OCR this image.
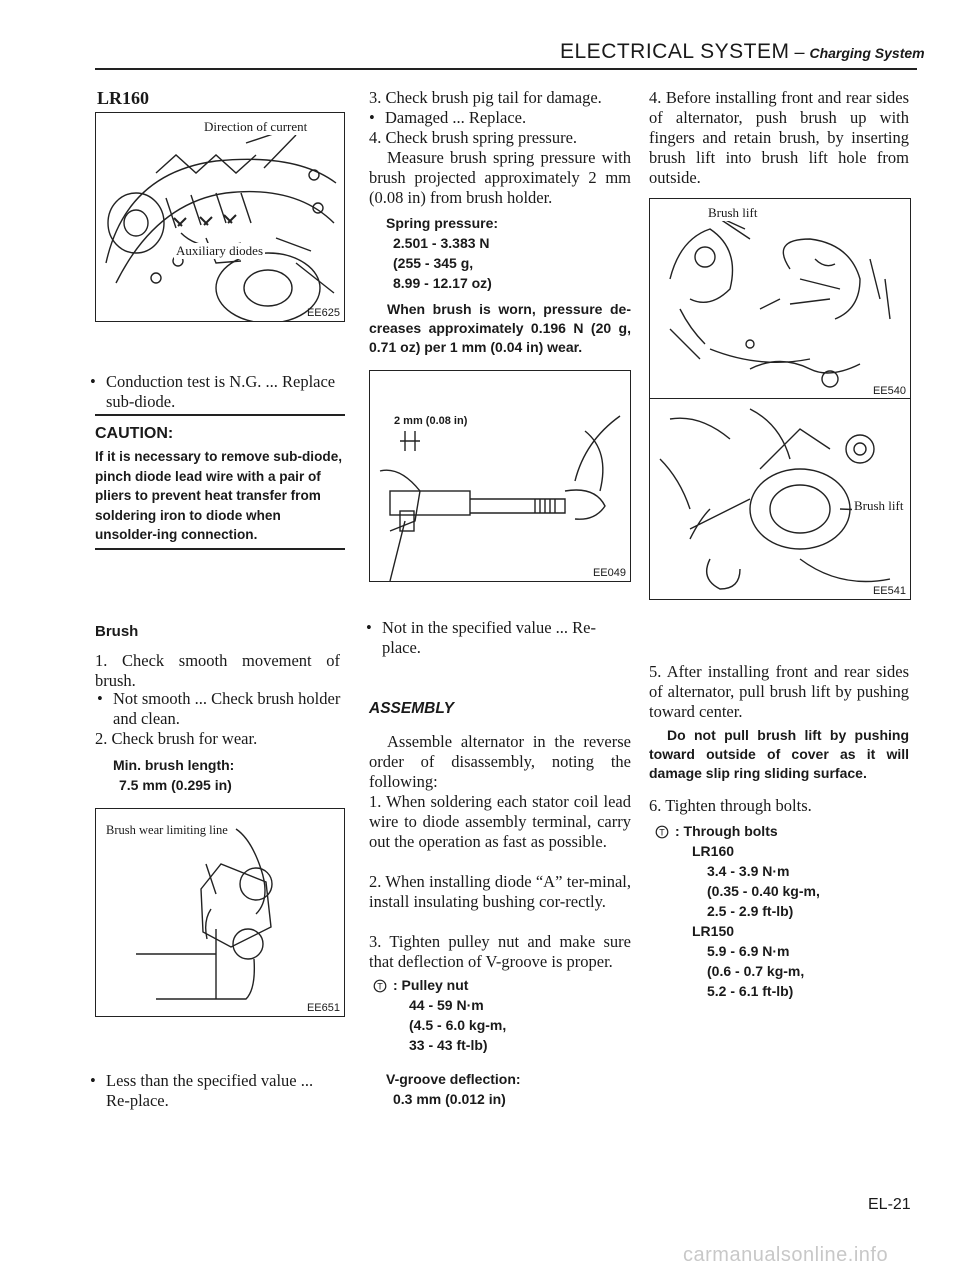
ELECTRICAL SYSTEM – Charging System
LR160
Direction of current
Auxiliary diodes
EE625
• Conduction test is N.G. ... Replace sub-diode.
CAUTION:
If it is necessary to remove sub-diode, pinch diode lead wire with a pair of pliers to prevent heat transfer from soldering iron to diode when unsolder-ing connection.
Brush
1. Check smooth movement of brush.
• Not smooth ... Check brush holder and clean.
2. Check brush for wear.
Min. brush length:
7.5 mm (0.295 in)
Brush wear limiting line
EE651
• Less than the specified value ... Re-place.
3. Check brush pig tail for damage.
• Damaged ... Replace.
4. Check brush spring pressure.
Measure brush spring pressure with brush projected approximately 2 mm (0.08 in) from brush holder.
Spring pressure:
2.501 - 3.383 N
(255 - 345 g,
8.99 - 12.17 oz)
When brush is worn, pressure de-creases approximately 0.196 N (20 g, 0.71 oz) per 1 mm (0.04 in) wear.
2 mm (0.08 in)
EE049
• Not in the specified value ... Re-place.
ASSEMBLY
Assemble alternator in the reverse order of disassembly, noting the following:
1. When soldering each stator coil lead wire to diode assembly terminal, carry out the operation as fast as possible.
2. When installing diode “A” ter-minal, install insulating bushing cor-rectly.
3. Tighten pulley nut and make sure that deflection of V-groove is proper.
T : Pulley nut
44 - 59 N·m
(4.5 - 6.0 kg-m,
33 - 43 ft-lb)
V-groove deflection:
0.3 mm (0.012 in)
4. Before installing front and rear sides of alternator, push brush up with fingers and retain brush, by inserting brush lift into brush lift hole from outside.
Brush lift
EE540
Brush lift
EE541
5. After installing front and rear sides of alternator, pull brush lift by pushing toward center.
Do not pull brush lift by pushing toward outside of cover as it will damage slip ring sliding surface.
6. Tighten through bolts.
T : Through bolts
LR160
3.4 - 3.9 N·m
(0.35 - 0.40 kg-m,
2.5 - 2.9 ft-lb)
LR150
5.9 - 6.9 N·m
(0.6 - 0.7 kg-m,
5.2 - 6.1 ft-lb)
EL-21
carmanualsonline.info
